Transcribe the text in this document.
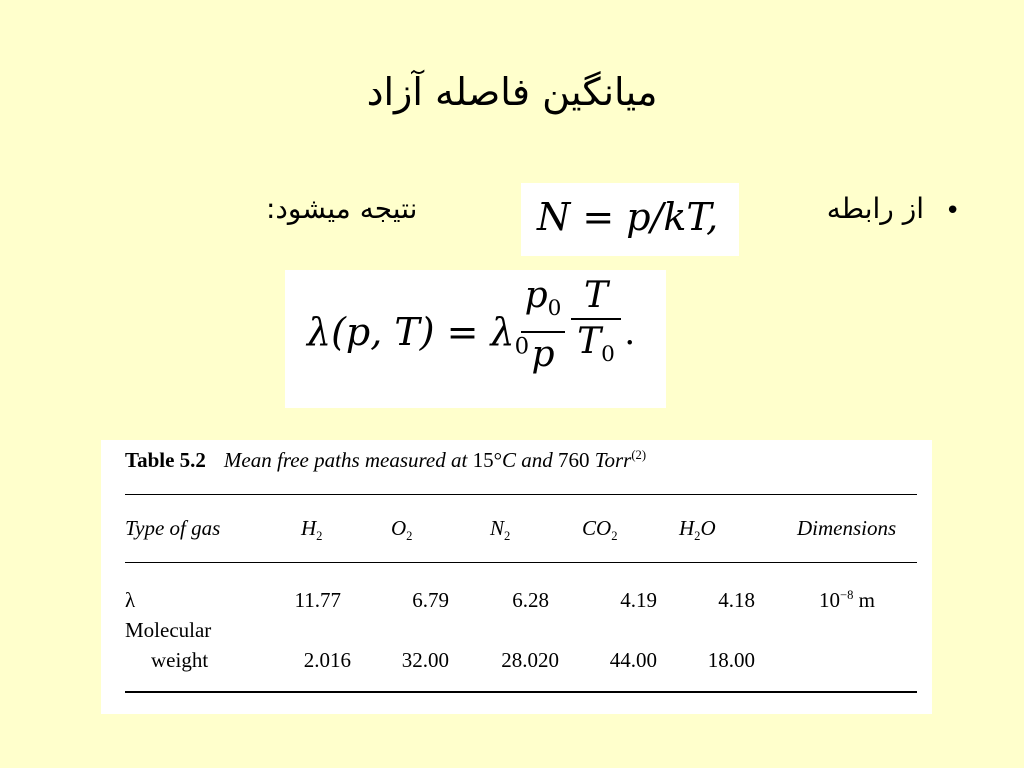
میانگین فاصله آزاد
•
از رابطه
نتیجه میشود:	N = p/kT,
λ(p, $T) = \lambda_0$
$p_0$
p
T
$T_0$
.
Table 5.2 Mean free paths measured at 15°C and 760 Torr$^{(2)}$
Type of gas	$H_2$	$O_2$	$N_2$	$CO_2$	$H_2O$	Dimensions
λ	11.77	6.79	6.28	4.19	4.18	$10^{-8}$ m
Molecular
weight	2.016	32.00	28.020	44.00	18.00
